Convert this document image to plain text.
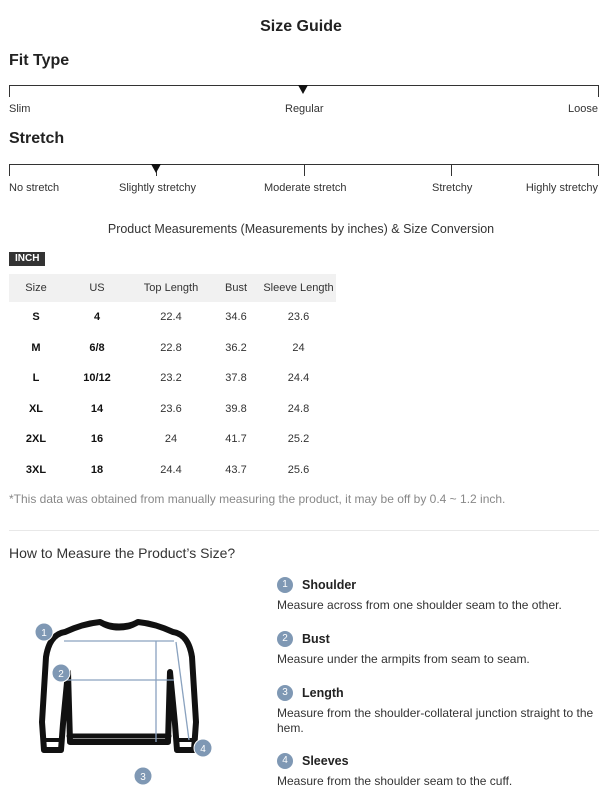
Size Guide
Fit Type
Slim	Regular	Loose
Stretch
No stretch	Slightly stretchy	Moderate stretch	Stretchy	Highly stretchy
Product Measurements (Measurements by inches) & Size Conversion
INCH
Size	US	Top Length	Bust	Sleeve Length
S	4	22.4	34.6	23.6
M	6/8	22.8	36.2	24
L	10/12	23.2	37.8	24.4
XL	14	23.6	39.8	24.8
2XL	16	24	41.7	25.2
3XL	18	24.4	43.7	25.6
*This data was obtained from manually measuring the product, it may be off by 0.4 ~ 1.2 inch.
How to Measure the Product’s Size?
1
2
3
4
1	Shoulder
Measure across from one shoulder seam to the other.
2	Bust
Measure under the armpits from seam to seam.
3	Length
Measure from the shoulder-collateral junction straight to the hem.
4	Sleeves
Measure from the shoulder seam to the cuff.
